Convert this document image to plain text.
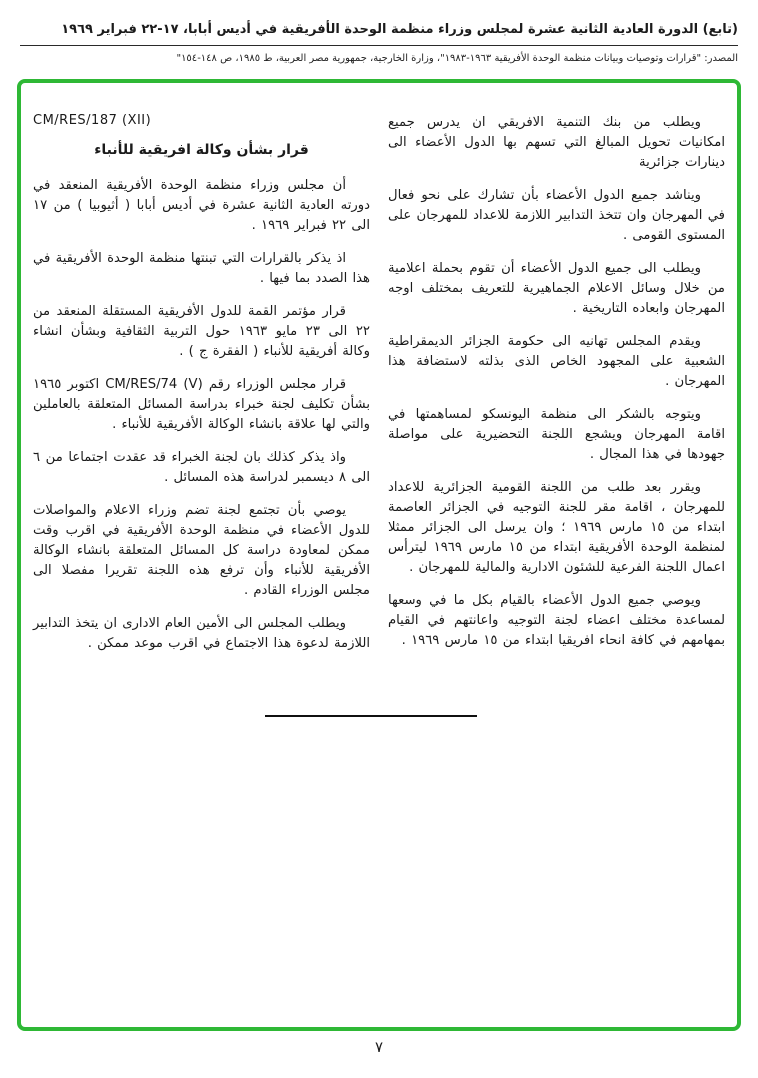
(تابع) الدورة العادية الثانية عشرة لمجلس وزراء منظمة الوحدة الأفريقية في أديس أبابا، ١٧-٢٢ فبراير ١٩٦٩
المصدر: "قرارات وتوصيات وبيانات منظمة الوحدة الأفريقية ١٩٦٣-١٩٨٣"، وزارة الخارجية، جمهورية مصر العربية، ط ١٩٨٥، ص ١٤٨-١٥٤"

ويطلب من بنك التنمية الافريقي ان يدرس جميع امكانيات تحويل المبالغ التي تسهم بها الدول الأعضاء الى دينارات جزائرية

ويناشد جميع الدول الأعضاء بأن تشارك على نحو فعال في المهرجان وان تتخذ التدابير اللازمة للاعداد للمهرجان على المستوى القومى .

ويطلب الى جميع الدول الأعضاء أن تقوم بحملة اعلامية من خلال وسائل الاعلام الجماهيرية للتعريف بمختلف اوجه المهرجان وابعاده التاريخية .

ويقدم المجلس تهانيه الى حكومة الجزائر الديمقراطية الشعبية على المجهود الخاص الذى بذلته لاستضافة هذا المهرجان .

ويتوجه بالشكر الى منظمة اليونسكو لمساهمتها في اقامة المهرجان ويشجع اللجنة التحضيرية على مواصلة جهودها في هذا المجال .

ويقرر بعد طلب من اللجنة القومية الجزائرية للاعداد للمهرجان ، اقامة مقر للجنة التوجيه في الجزائر العاصمة ابتداء من ١٥ مارس ١٩٦٩ ؛ وان يرسل الى الجزائر ممثلا لمنظمة الوحدة الأفريقية ابتداء من ١٥ مارس ١٩٦٩ ليترأس اعمال اللجنة الفرعية للشئون الادارية والمالية للمهرجان .

ويوصي جميع الدول الأعضاء بالقيام بكل ما في وسعها لمساعدة مختلف اعضاء لجنة التوجيه واعانتهم في القيام بمهامهم في كافة انحاء افريقيا ابتداء من ١٥ مارس ١٩٦٩ .

CM/RES/187 (XII)
قرار بشأن وكالة افريقية للأنباء

أن مجلس وزراء منظمة الوحدة الأفريقية المنعقد في دورته العادية الثانية عشرة في أديس أبابا ( أثيوبيا ) من ١٧ الى ٢٢ فبراير ١٩٦٩ .

اذ يذكر بالقرارات التي تبنتها منظمة الوحدة الأفريقية في هذا الصدد بما فيها .

قرار مؤتمر القمة للدول الأفريقية المستقلة المنعقد من ٢٢ الى ٢٣ مايو ١٩٦٣ حول التربية الثقافية وبشأن انشاء وكالة أفريقية للأنباء ( الفقرة ج ) .

قرار مجلس الوزراء رقم CM/RES/74 (V) اكتوبر ١٩٦٥ بشأن تكليف لجنة خبراء بدراسة المسائل المتعلقة بالعاملين والتي لها علاقة بانشاء الوكالة الأفريقية للأنباء .

واذ يذكر كذلك بان لجنة الخبراء قد عقدت اجتماعا من ٦ الى ٨ ديسمبر لدراسة هذه المسائل .

يوصي بأن تجتمع لجنة تضم وزراء الاعلام والمواصلات للدول الأعضاء في منظمة الوحدة الأفريقية في اقرب وقت ممكن لمعاودة دراسة كل المسائل المتعلقة بانشاء الوكالة الأفريقية للأنباء وأن ترفع هذه اللجنة تقريرا مفصلا الى مجلس الوزراء القادم .

ويطلب المجلس الى الأمين العام الادارى ان يتخذ التدابير اللازمة لدعوة هذا الاجتماع في اقرب موعد ممكن .

٧
